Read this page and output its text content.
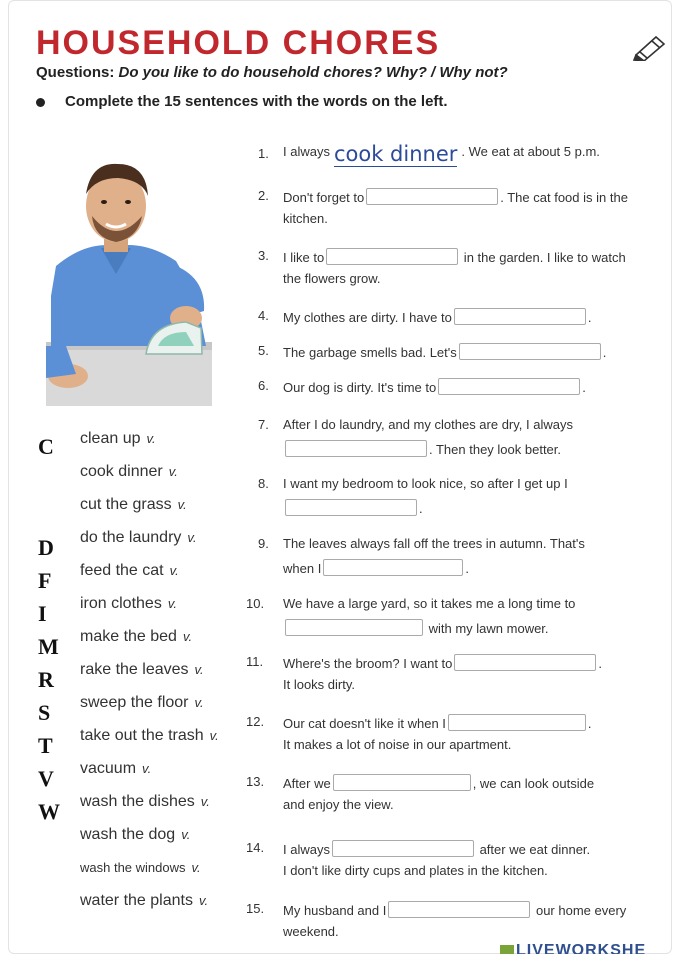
HOUSEHOLD CHORES
Questions: Do you like to do household chores? Why? / Why not?
Complete the 15 sentences with the words on the left.
C clean up v.
cook dinner v.
cut the grass v.
D do the laundry v.
F feed the cat v.
I iron clothes v.
M make the bed v.
R rake the leaves v.
S sweep the floor v.
T take out the trash v.
V vacuum v.
W wash the dishes v.
wash the dog v.
wash the windows v.
water the plants v.
1. I always cook dinner . We eat at about 5 p.m.
2. Don't forget to	. The cat food is in the
kitchen.
3. I like to	in the garden. I like to watch
the flowers grow.
4. My clothes are dirty. I have to	.
5. The garbage smells bad. Let's	.
6. Our dog is dirty. It's time to	.
7. After I do laundry, and my clothes are dry, I always
. Then they look better.
8. I want my bedroom to look nice, so after I get up I
.
9. The leaves always fall off the trees in autumn. That's
when I	.
10. We have a large yard, so it takes me a long time to
with my lawn mower.
11. Where's the broom? I want to	.
It looks dirty.
12. Our cat doesn't like it when I	.
It makes a lot of noise in our apartment.
13. After we	, we can look outside
and enjoy the view.
14. I always	after we eat dinner.
I don't like dirty cups and plates in the kitchen.
15. My husband and I	our home every
weekend.
LIVEWORKSHE
